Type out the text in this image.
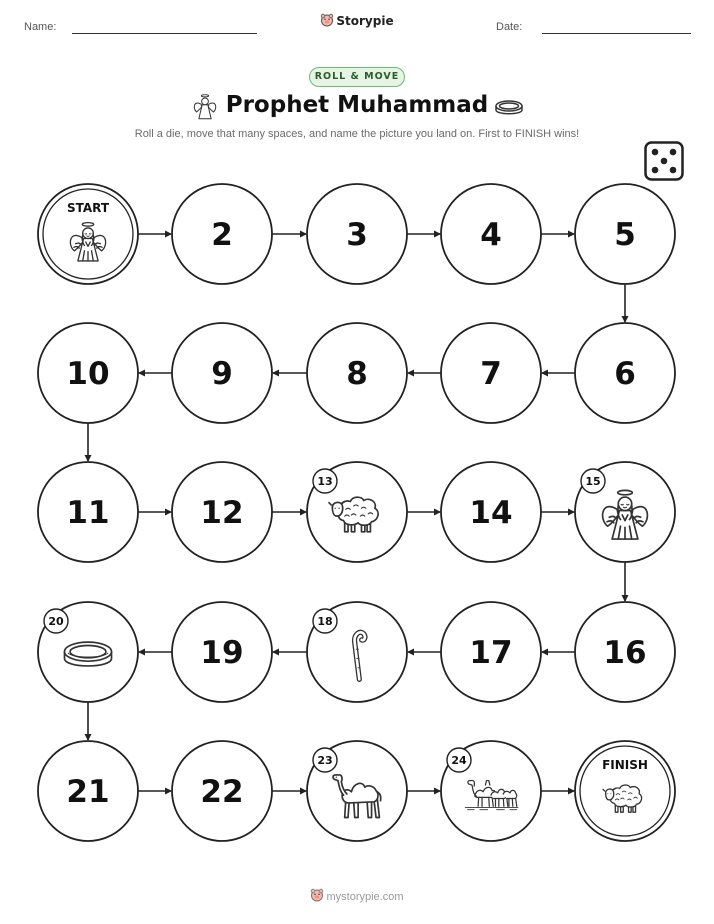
Name:	Storypie	Date:
ROLL & MOVE
Prophet Muhammad
Roll a die, move that many spaces, and name the picture you land on. First to FINISH wins!
START
2	3	4	5
6
7
8
9
10
11	12
13
14
15
16
17
18
19
20
21	22
23	24	FINISH
mystorypie.com
